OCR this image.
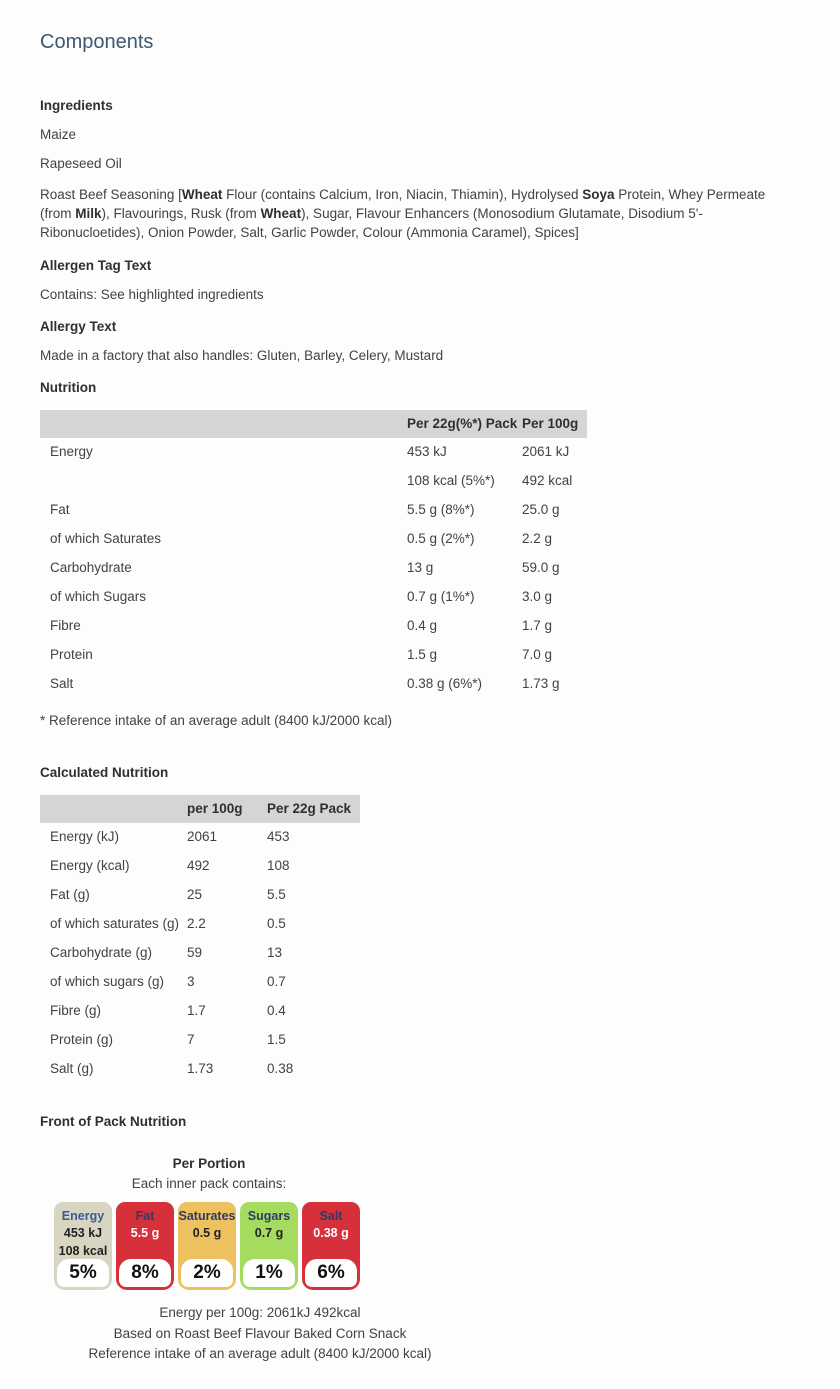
Components
Ingredients

Maize

Rapeseed Oil

Roast Beef Seasoning [Wheat Flour (contains Calcium, Iron, Niacin, Thiamin), Hydrolysed Soya Protein, Whey Permeate (from Milk), Flavourings, Rusk (from Wheat), Sugar, Flavour Enhancers (Monosodium Glutamate, Disodium 5'-Ribonucloetides), Onion Powder, Salt, Garlic Powder, Colour (Ammonia Caramel), Spices]

Allergen Tag Text

Contains: See highlighted ingredients

Allergy Text

Made in a factory that also handles: Gluten, Barley, Celery, Mustard

Nutrition
	Per 22g(%*) Pack	Per 100g
Energy	453 kJ	2061 kJ
	108 kcal (5%*)	492 kcal
Fat	5.5 g (8%*)	25.0 g
of which Saturates	0.5 g (2%*)	2.2 g
Carbohydrate	13 g	59.0 g
of which Sugars	0.7 g (1%*)	3.0 g
Fibre	0.4 g	1.7 g
Protein	1.5 g	7.0 g
Salt	0.38 g (6%*)	1.73 g

* Reference intake of an average adult (8400 kJ/2000 kcal)

Calculated Nutrition
	per 100g	Per 22g Pack
Energy (kJ)	2061	453
Energy (kcal)	492	108
Fat (g)	25	5.5
of which saturates (g)	2.2	0.5
Carbohydrate (g)	59	13
of which sugars (g)	3	0.7
Fibre (g)	1.7	0.4
Protein (g)	7	1.5
Salt (g)	1.73	0.38
Front of Pack Nutrition
Per Portion
Each inner pack contains:
Energy
453 kJ
108 kcal
5%
Fat
5.5 g
8%
Saturates
0.5 g
2%
Sugars
0.7 g
1%
Salt
0.38 g
6%
Energy per 100g: 2061kJ 492kcal
Based on Roast Beef Flavour Baked Corn Snack
Reference intake of an average adult (8400 kJ/2000 kcal)
